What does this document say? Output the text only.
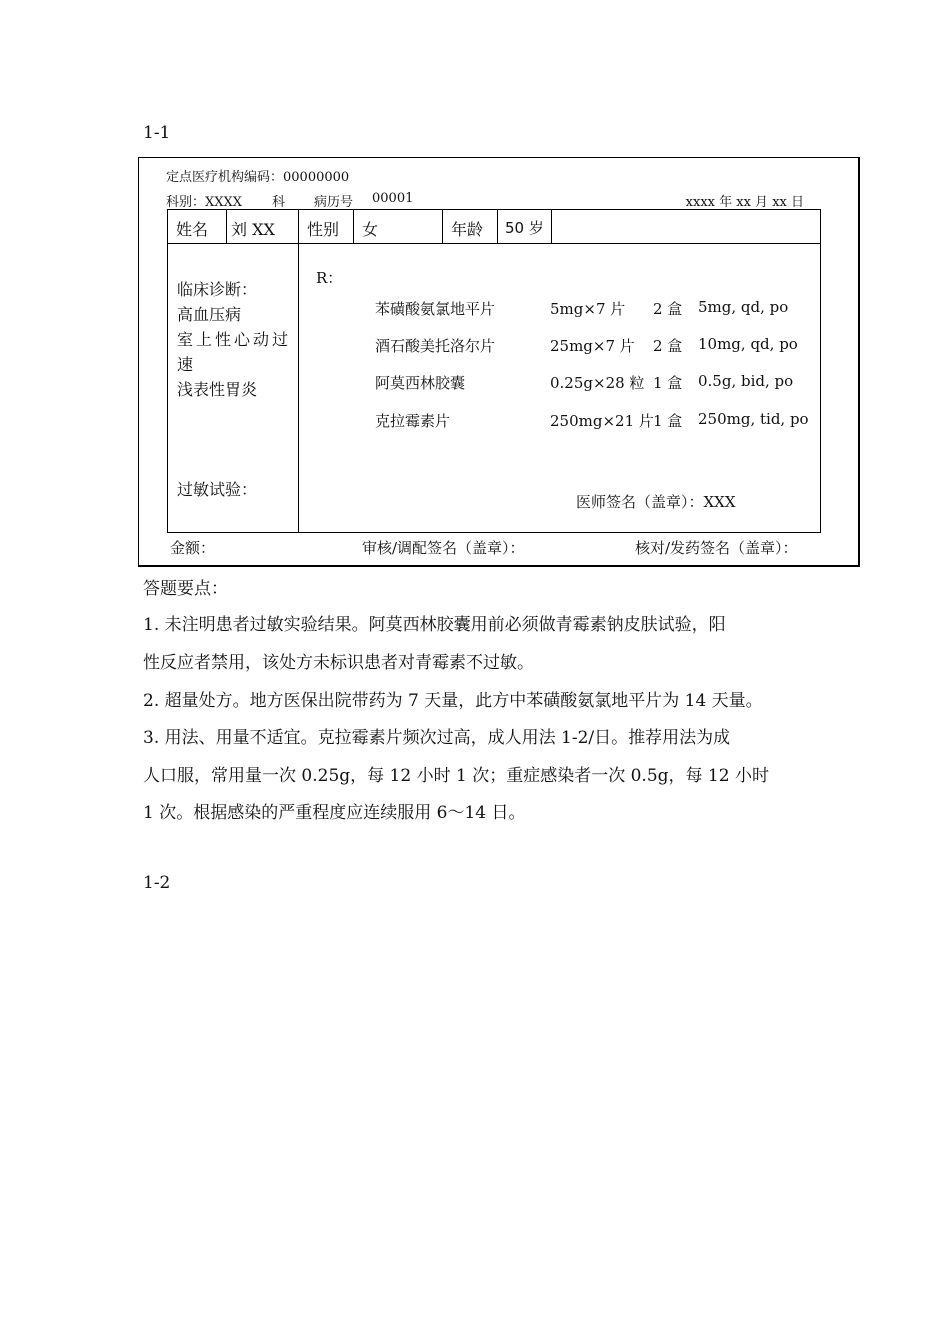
1-1
定点医疗机构编码：00000000
科别：XXXX 科 病历号 00001	xxxx 年 xx 月 xx 日
姓名 刘 XX 性别 女	年龄 50 岁
临床诊断：
高血压病
室上性心动过
速
浅表性胃炎
过敏试验：
R：
苯磺酸氨氯地平片	5mg×7 片 2 盒 5mg, qd, po
酒石酸美托洛尔片	25mg×7 片 2 盒 10mg, qd, po
阿莫西林胶囊	0.25g×28 粒 1 盒 0.5g, bid, po
克拉霉素片	250mg×21 片 1 盒 250mg, tid, po
医师签名（盖章）：XXX
金额：	审核/调配签名（盖章）：	核对/发药签名（盖章）：
答题要点：
1. 未注明患者过敏实验结果。阿莫西林胶囊用前必须做青霉素钠皮肤试验，阳
性反应者禁用，该处方未标识患者对青霉素不过敏。
2. 超量处方。地方医保出院带药为 7 天量，此方中苯磺酸氨氯地平片为 14 天量。
3. 用法、用量不适宜。克拉霉素片频次过高，成人用法 1-2/日。推荐用法为成
人口服，常用量一次 0.25g，每 12 小时 1 次；重症感染者一次 0.5g，每 12 小时
1 次。根据感染的严重程度应连续服用 6～14 日。
1-2
